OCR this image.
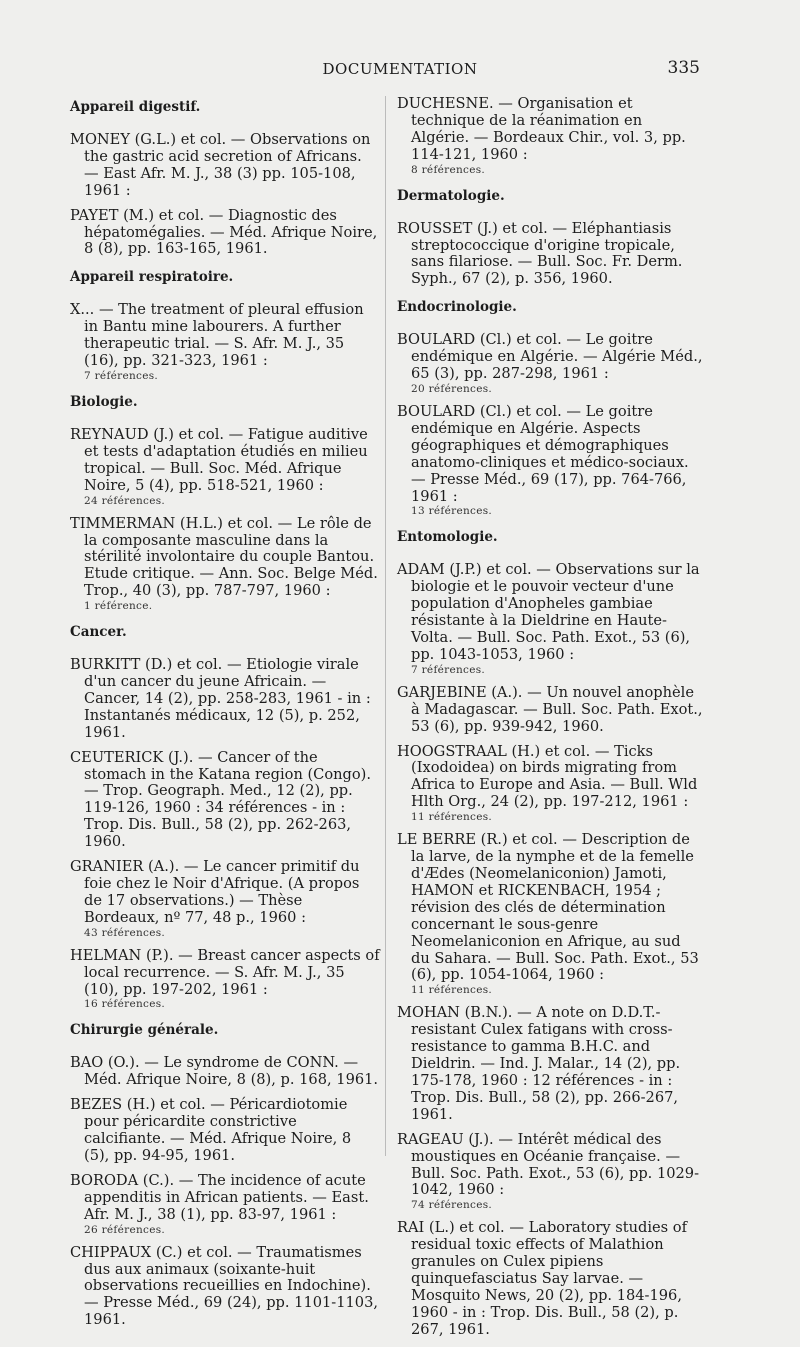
DOCUMENTATION	335
Appareil digestif.

MONEY (G.L.) et col. — Observations on the gastric acid secretion of Africans. — East Afr. M. J., 38 (3) pp. 105-108, 1961 :

PAYET (M.) et col. — Diagnostic des hépatomégalies. — Méd. Afrique Noire, 8 (8), pp. 163-165, 1961.

Appareil respiratoire.

X... — The treatment of pleural effusion in Bantu mine labourers. A further therapeutic trial. — S. Afr. M. J., 35 (16), pp. 321-323, 1961 :

7 références.

Biologie.

REYNAUD (J.) et col. — Fatigue auditive et tests d'adaptation étudiés en milieu tropical. — Bull. Soc. Méd. Afrique Noire, 5 (4), pp. 518-521, 1960 :

24 références.

TIMMERMAN (H.L.) et col. — Le rôle de la composante masculine dans la stérilité involontaire du couple Bantou. Etude critique. — Ann. Soc. Belge Méd. Trop., 40 (3), pp. 787-797, 1960 :

1 référence.

Cancer.

BURKITT (D.) et col. — Etiologie virale d'un cancer du jeune Africain. — Cancer, 14 (2), pp. 258-283, 1961 - in : Instantanés médicaux, 12 (5), p. 252, 1961.

CEUTERICK (J.). — Cancer of the stomach in the Katana region (Congo). — Trop. Geograph. Med., 12 (2), pp. 119-126, 1960 : 34 références - in : Trop. Dis. Bull., 58 (2), pp. 262-263, 1960.

GRANIER (A.). — Le cancer primitif du foie chez le Noir d'Afrique. (A propos de 17 observations.) — Thèse Bordeaux, nº 77, 48 p., 1960 :

43 références.

HELMAN (P.). — Breast cancer aspects of local recurrence. — S. Afr. M. J., 35 (10), pp. 197-202, 1961 :

16 références.

Chirurgie générale.

BAO (O.). — Le syndrome de CONN. — Méd. Afrique Noire, 8 (8), p. 168, 1961.

BEZES (H.) et col. — Péricardiotomie pour péricardite constrictive calcifiante. — Méd. Afrique Noire, 8 (5), pp. 94-95, 1961.

BORODA (C.). — The incidence of acute appenditis in African patients. — East. Afr. M. J., 38 (1), pp. 83-97, 1961 :

26 références.

CHIPPAUX (C.) et col. — Traumatismes dus aux animaux (soixante-huit observations recueillies en Indochine). — Presse Méd., 69 (24), pp. 1101-1103, 1961.

DUCHESNE. — Organisation et technique de la réanimation en Algérie. — Bordeaux Chir., vol. 3, pp. 114-121, 1960 :

8 références.

Dermatologie.

ROUSSET (J.) et col. — Eléphantiasis streptococcique d'origine tropicale, sans filariose. — Bull. Soc. Fr. Derm. Syph., 67 (2), p. 356, 1960.

Endocrinologie.

BOULARD (Cl.) et col. — Le goitre endémique en Algérie. — Algérie Méd., 65 (3), pp. 287-298, 1961 :

20 références.

BOULARD (Cl.) et col. — Le goitre endémique en Algérie. Aspects géographiques et démographiques anatomo-cliniques et médico-sociaux. — Presse Méd., 69 (17), pp. 764-766, 1961 :

13 références.

Entomologie.

ADAM (J.P.) et col. — Observations sur la biologie et le pouvoir vecteur d'une population d'Anopheles gambiae résistante à la Dieldrine en Haute-Volta. — Bull. Soc. Path. Exot., 53 (6), pp. 1043-1053, 1960 :

7 références.

GARJEBINE (A.). — Un nouvel anophèle à Madagascar. — Bull. Soc. Path. Exot., 53 (6), pp. 939-942, 1960.

HOOGSTRAAL (H.) et col. — Ticks (Ixodoidea) on birds migrating from Africa to Europe and Asia. — Bull. Wld Hlth Org., 24 (2), pp. 197-212, 1961 :

11 références.

LE BERRE (R.) et col. — Description de la larve, de la nymphe et de la femelle d'Ædes (Neomelaniconion) Jamoti, HAMON et RICKENBACH, 1954 ; révision des clés de détermination concernant le sous-genre Neomelaniconion en Afrique, au sud du Sahara. — Bull. Soc. Path. Exot., 53 (6), pp. 1054-1064, 1960 :

11 références.

MOHAN (B.N.). — A note on D.D.T.-resistant Culex fatigans with cross-resistance to gamma B.H.C. and Dieldrin. — Ind. J. Malar., 14 (2), pp. 175-178, 1960 : 12 références - in : Trop. Dis. Bull., 58 (2), pp. 266-267, 1961.

RAGEAU (J.). — Intérêt médical des moustiques en Océanie française. — Bull. Soc. Path. Exot., 53 (6), pp. 1029-1042, 1960 :

74 références.

RAI (L.) et col. — Laboratory studies of residual toxic effects of Malathion granules on Culex pipiens quinquefasciatus Say larvae. — Mosquito News, 20 (2), pp. 184-196, 1960 - in : Trop. Dis. Bull., 58 (2), p. 267, 1961.
